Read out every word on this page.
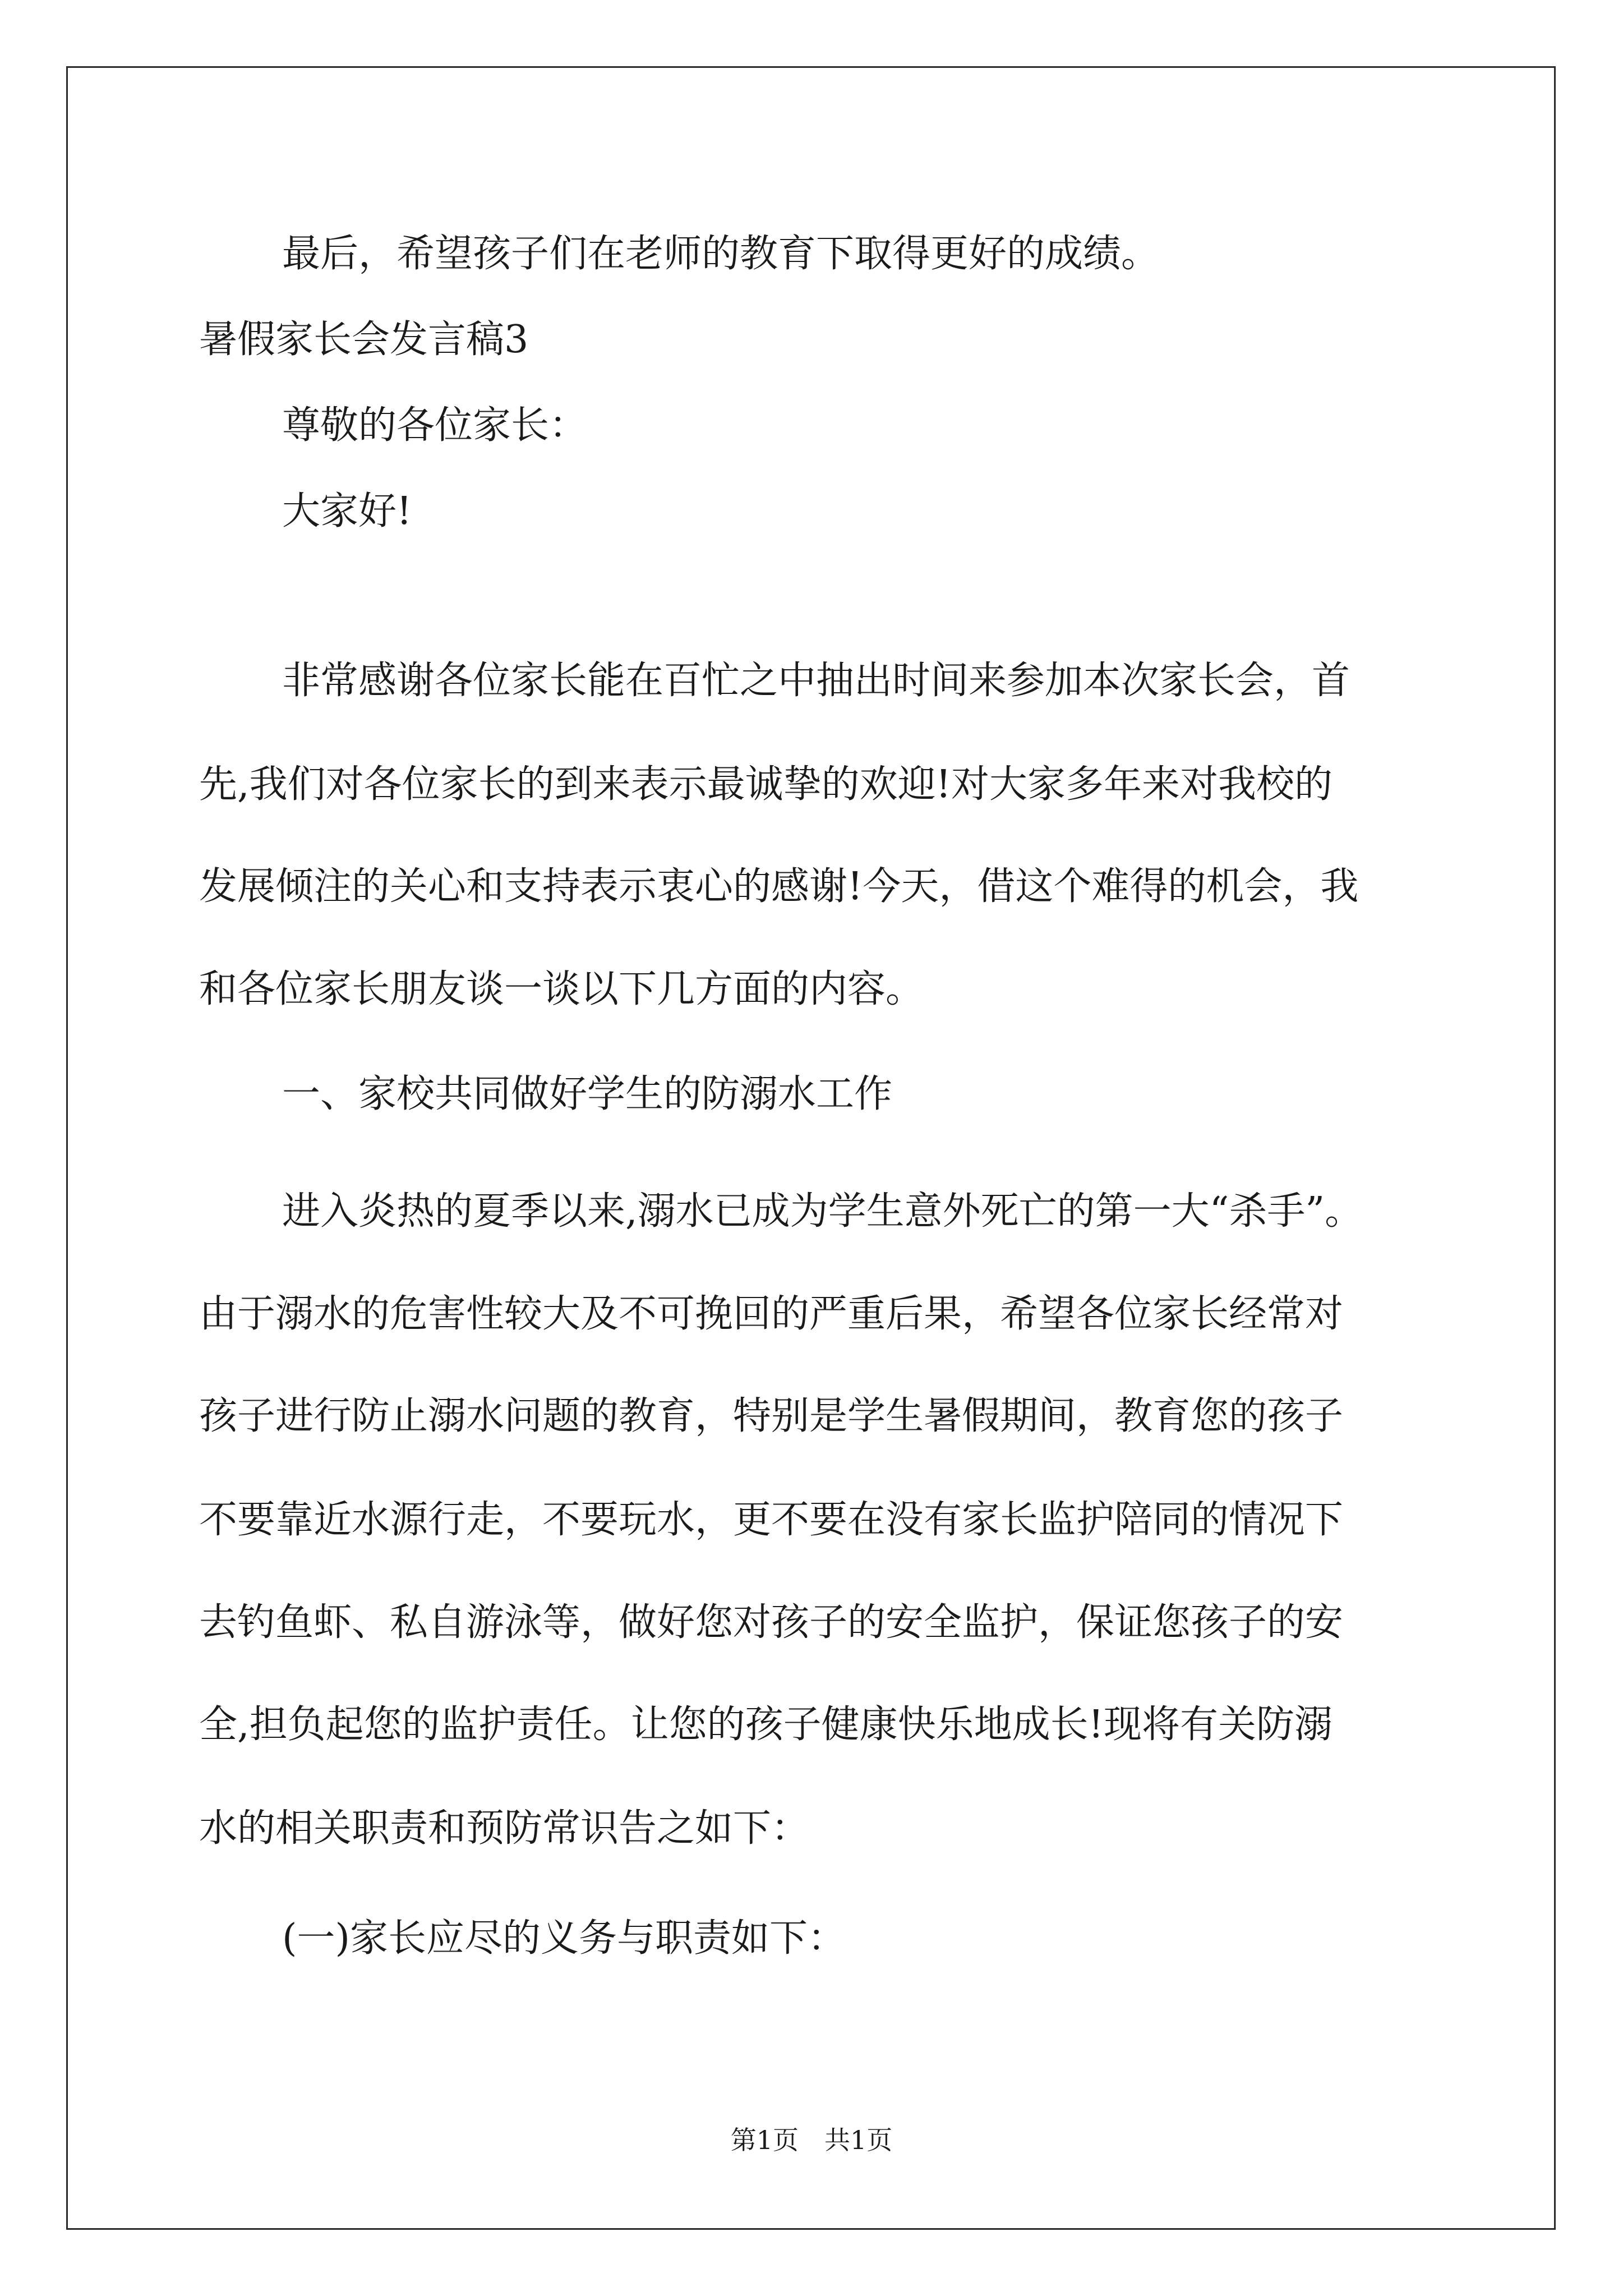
最后，希望孩子们在老师的教育下取得更好的成绩。

暑假家长会发言稿3

尊敬的各位家长：

大家好!

非常感谢各位家长能在百忙之中抽出时间来参加本次家长会，首

先,我们对各位家长的到来表示最诚挚的欢迎!对大家多年来对我校的

发展倾注的关心和支持表示衷心的感谢!今天，借这个难得的机会，我

和各位家长朋友谈一谈以下几方面的内容。

一、家校共同做好学生的防溺水工作

进入炎热的夏季以来,溺水已成为学生意外死亡的第一大“杀手”。

由于溺水的危害性较大及不可挽回的严重后果，希望各位家长经常对

孩子进行防止溺水问题的教育，特别是学生暑假期间，教育您的孩子

不要靠近水源行走，不要玩水，更不要在没有家长监护陪同的情况下

去钓鱼虾、私自游泳等，做好您对孩子的安全监护，保证您孩子的安

全,担负起您的监护责任。让您的孩子健康快乐地成长!现将有关防溺

水的相关职责和预防常识告之如下：

(一)家长应尽的义务与职责如下：

第1页 共1页
